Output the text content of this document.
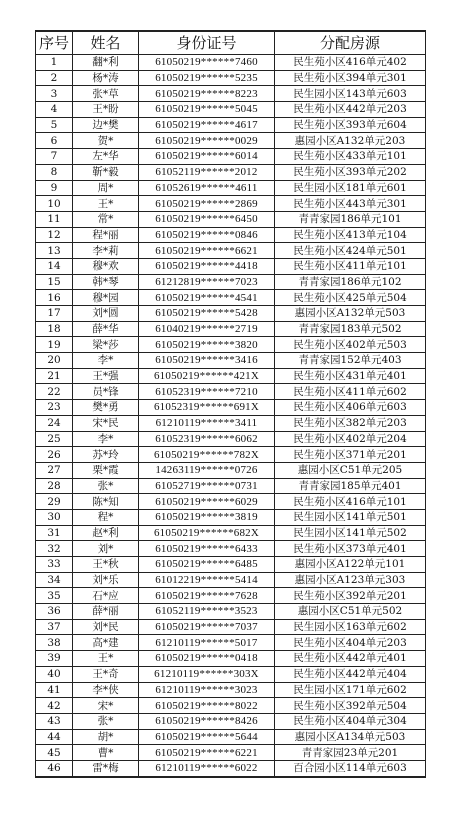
序号	姓名	身份证号	分配房源
1	翻*利	61050219******7460	民生苑小区416单元402
2	杨*涛	61050219******5235	民生苑小区394单元301
3	张*草	61050219******8223	民生园小区143单元603
4	王*盼	61050219******5045	民生苑小区442单元203
5	边*樊	61050219******4617	民生苑小区393单元604
6	贺*	61050219******0029	惠园小区A132单元203
7	左*华	61050219******6014	民生苑小区433单元101
8	靳*毅	61052119******2012	民生苑小区393单元202
9	周*	61052619******4611	民生园小区181单元601
10	王*	61050219******2869	民生苑小区443单元301
11	常*	61050219******6450	青青家园186单元101
12	程*丽	61050219******0846	民生苑小区413单元104
13	李*莉	61050219******6621	民生苑小区424单元501
14	穆*欢	61050219******4418	民生苑小区411单元101
15	韩*琴	61212819******7023	青青家园186单元102
16	穆*园	61050219******4541	民生苑小区425单元504
17	刘*圆	61050219******5428	惠园小区A132单元503
18	薛*华	61040219******2719	青青家园183单元502
19	梁*莎	61050219******3820	民生苑小区402单元503
20	李*	61050219******3416	青青家园152单元403
21	王*强	61050219******421X	民生苑小区431单元401
22	员*锋	61052319******7210	民生苑小区411单元602
23	樊*勇	61052319******691X	民生苑小区406单元603
24	宋*民	61210119******3411	民生苑小区382单元203
25	李*	61052319******6062	民生苑小区402单元204
26	苏*玲	61050219******782X	民生苑小区371单元201
27	栗*霞	14263119******0726	惠园小区C51单元205
28	张*	61052719******0731	青青家园185单元401
29	陈*知	61050219******6029	民生苑小区416单元101
30	程*	61050219******3819	民生园小区141单元501
31	赵*利	61050219******682X	民生园小区141单元502
32	刘*	61050219******6433	民生苑小区373单元401
33	王*秋	61050219******6485	惠园小区A122单元101
34	刘*乐	61012219******5414	惠园小区A123单元303
35	石*应	61050219******7628	民生苑小区392单元201
36	薛*丽	61052119******3523	惠园小区C51单元502
37	刘*民	61050219******7037	民生园小区163单元602
38	高*建	61210119******5017	民生苑小区404单元203
39	王*	61050219******0418	民生苑小区442单元401
40	王*奇	61210119******303X	民生苑小区442单元404
41	李*侠	61210119******3023	民生园小区171单元602
42	宋*	61050219******8022	民生苑小区392单元504
43	张*	61050219******8426	民生苑小区404单元304
44	胡*	61050219******5644	惠园小区A134单元503
45	曹*	61050219******6221	青青家园23单元201
46	雷*梅	61210119******6022	百合园小区114单元603
